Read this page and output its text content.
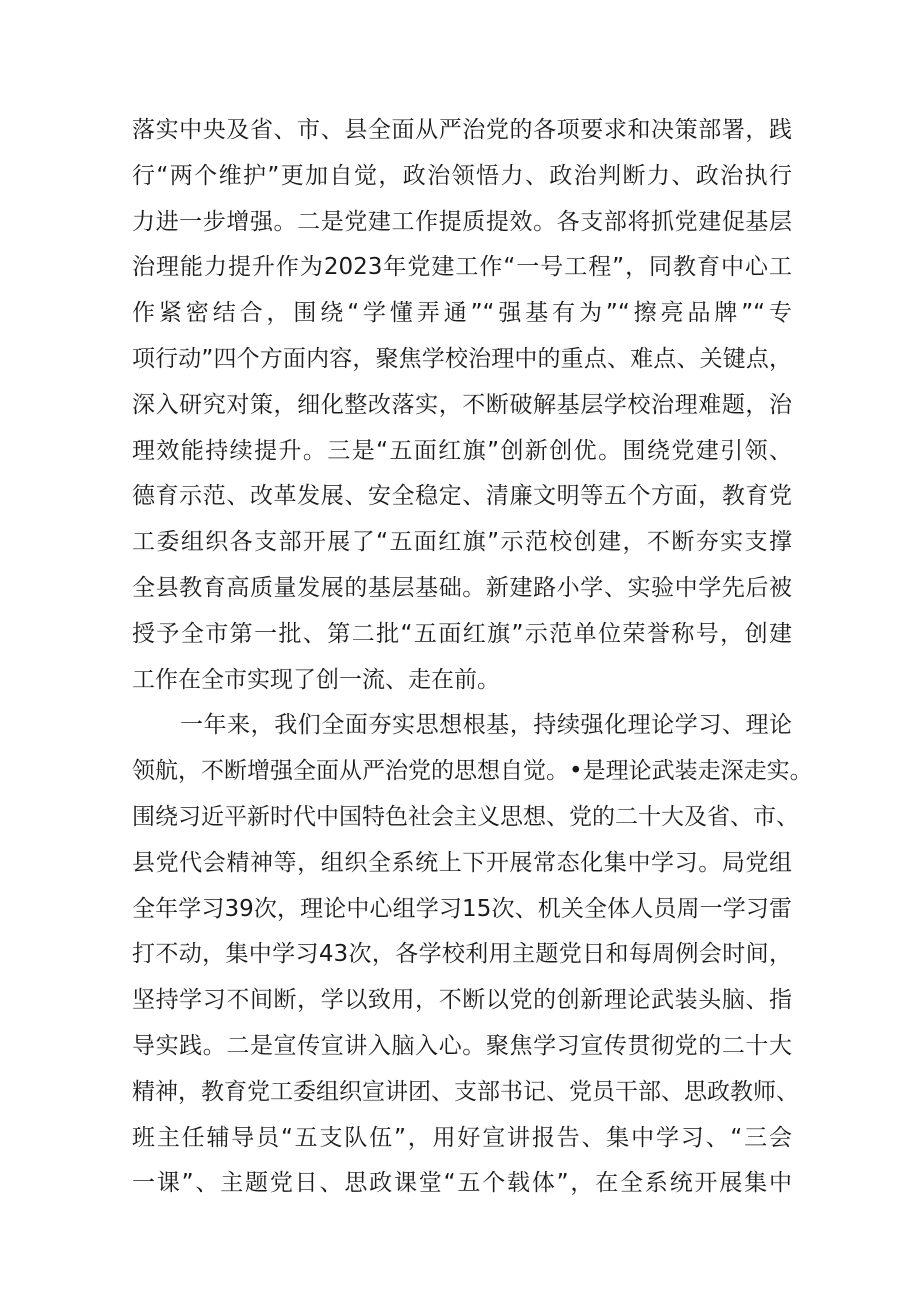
落实中央及省、市、县全面从严治党的各项要求和决策部署，践
行“两个维护”更加自觉，政治领悟力、政治判断力、政治执行
力进一步增强。二是党建工作提质提效。各支部将抓党建促基层
治理能力提升作为2023年党建工作“一号工程”，同教育中心工
作紧密结合，围绕“学懂弄通”“强基有为”“擦亮品牌”“专
项行动”四个方面内容，聚焦学校治理中的重点、难点、关键点，
深入研究对策，细化整改落实，不断破解基层学校治理难题，治
理效能持续提升。三是“五面红旗”创新创优。围绕党建引领、
德育示范、改革发展、安全稳定、清廉文明等五个方面，教育党
工委组织各支部开展了“五面红旗”示范校创建，不断夯实支撑
全县教育高质量发展的基层基础。新建路小学、实验中学先后被
授予全市第一批、第二批“五面红旗”示范单位荣誉称号，创建
工作在全市实现了创一流、走在前。
一年来，我们全面夯实思想根基，持续强化理论学习、理论
领航，不断增强全面从严治党的思想自觉。•是理论武装走深走实。
围绕习近平新时代中国特色社会主义思想、党的二十大及省、市、
县党代会精神等，组织全系统上下开展常态化集中学习。局党组
全年学习39次，理论中心组学习15次、机关全体人员周一学习雷
打不动，集中学习43次，各学校利用主题党日和每周例会时间，
坚持学习不间断，学以致用，不断以党的创新理论武装头脑、指
导实践。二是宣传宣讲入脑入心。聚焦学习宣传贯彻党的二十大
精神，教育党工委组织宣讲团、支部书记、党员干部、思政教师、
班主任辅导员“五支队伍”，用好宣讲报告、集中学习、“三会
一课”、主题党日、思政课堂“五个载体”，在全系统开展集中
